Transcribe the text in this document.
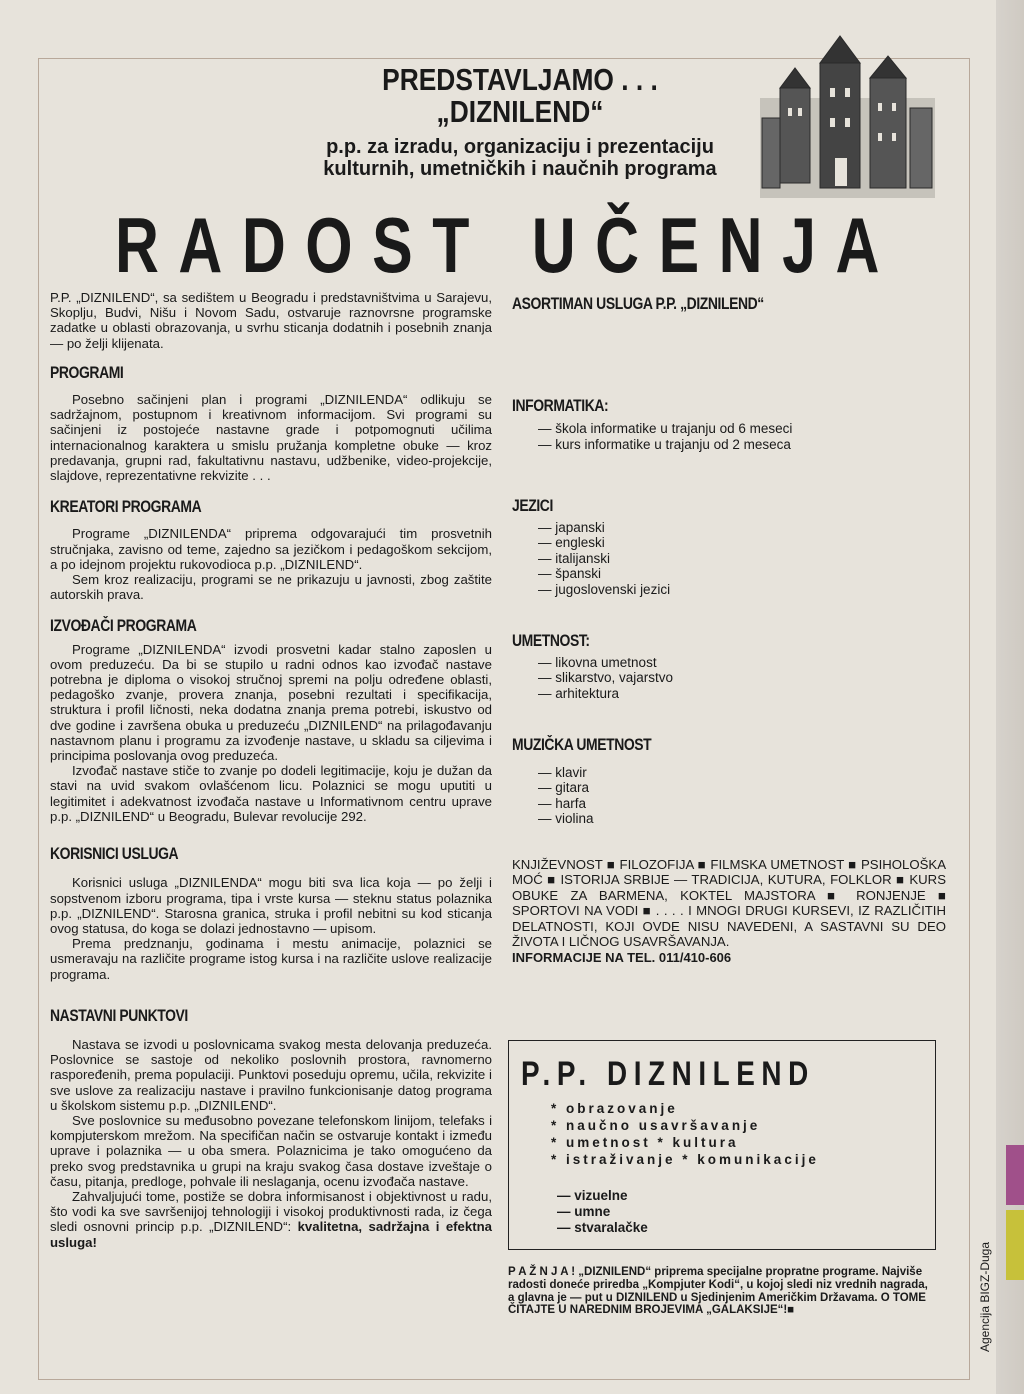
PREDSTAVLJAMO . . .
„DIZNILEND“
p.p. za izradu, organizaciju i prezentaciju
kulturnih, umetničkih i naučnih programa
R A D O S T U Č E N J A

P.P. „DIZNILEND“, sa sedištem u Beogradu i predstavništvima u Sarajevu, Skoplju, Budvi, Nišu i Novom Sadu, ostvaruje raznovrsne programske zadatke u oblasti obrazovanja, u svrhu sticanja dodatnih i posebnih znanja — po želji klijenata.

PROGRAMI

Posebno sačinjeni plan i programi „DIZNILENDA“ odlikuju se sadržajnom, postupnom i kreativnom informacijom. Svi programi su sačinjeni iz postojeće nastavne grade i potpomognuti učilima internacionalnog karaktera u smislu pružanja kompletne obuke — kroz predavanja, grupni rad, fakultativnu nastavu, udžbenike, video-projekcije, slajdove, reprezentativne rekvizite . . .

KREATORI PROGRAMA

Programe „DIZNILENDA“ priprema odgovarajući tim prosvetnih stručnjaka, zavisno od teme, zajedno sa jezičkom i pedagoškom sekcijom, a po idejnom projektu rukovodioca p.p. „DIZNILEND“.

Sem kroz realizaciju, programi se ne prikazuju u javnosti, zbog zaštite autorskih prava.

IZVOĐAČI PROGRAMA

Programe „DIZNILENDA“ izvodi prosvetni kadar stalno zaposlen u ovom preduzeću. Da bi se stupilo u radni odnos kao izvođač nastave potrebna je diploma o visokoj stručnoj spremi na polju određene oblasti, pedagoško zvanje, provera znanja, posebni rezultati i specifikacija, struktura i profil ličnosti, neka dodatna znanja prema potrebi, iskustvo od dve godine i završena obuka u preduzeću „DIZNILEND“ na prilagođavanju nastavnom planu i programu za izvođenje nastave, u skladu sa ciljevima i principima poslovanja ovog preduzeća.

Izvođač nastave stiče to zvanje po dodeli legitimacije, koju je dužan da stavi na uvid svakom ovlašćenom licu. Polaznici se mogu uputiti u legitimitet i adekvatnost izvođača nastave u Informativnom centru uprave p.p. „DIZNILEND“ u Beogradu, Bulevar revolucije 292.

KORISNICI USLUGA

Korisnici usluga „DIZNILENDA“ mogu biti sva lica koja — po želji i sopstvenom izboru programa, tipa i vrste kursa — steknu status polaznika p.p. „DIZNILEND“. Starosna granica, struka i profil nebitni su kod sticanja ovog statusa, do koga se dolazi jednostavno — upisom.

Prema predznanju, godinama i mestu animacije, polaznici se usmeravaju na različite programe istog kursa i na različite uslove realizacije programa.

NASTAVNI PUNKTOVI

Nastava se izvodi u poslovnicama svakog mesta delovanja preduzeća. Poslovnice se sastoje od nekoliko poslovnih prostora, ravnomerno raspoređenih, prema populaciji. Punktovi poseduju opremu, učila, rekvizite i sve uslove za realizaciju nastave i pravilno funkcionisanje datog programa u školskom sistemu p.p. „DIZNILEND“.

Sve poslovnice su međusobno povezane telefonskom linijom, telefaks i kompjuterskom mrežom. Na specifičan način se ostvaruje kontakt i između uprave i polaznika — u oba smera. Polaznicima je tako omogućeno da preko svog predstavnika u grupi na kraju svakog časa dostave izveštaje o času, pitanja, predloge, pohvale ili neslaganja, ocenu izvođača nastave.

Zahvaljujući tome, postiže se dobra informisanost i objektivnost u radu, što vodi ka sve savršenijoj tehnologiji i visokoj produktivnosti rada, iz čega sledi osnovni princip p.p. „DIZNILEND“: kvalitetna, sadržajna i efektna usluga!

ASORTIMAN USLUGA P.P. „DIZNILEND“
INFORMATIKA:
— škola informatike u trajanju od 6 meseci
— kurs informatike u trajanju od 2 meseca
JEZICI
— japanski
— engleski
— italijanski
— španski
— jugoslovenski jezici
UMETNOST:
— likovna umetnost
— slikarstvo, vajarstvo
— arhitektura
MUZIČKA UMETNOST
— klavir
— gitara
— harfa
— violina

KNJIŽEVNOST ■ FILOZOFIJA ■ FILMSKA UMETNOST ■ PSIHOLOŠKA MOĆ ■ ISTORIJA SRBIJE — TRADICIJA, KUTURA, FOLKLOR ■ KURS OBUKE ZA BARMENA, KOKTEL MAJSTORA ■ RONJENJE ■ SPORTOVI NA VODI ■ . . . . I MNOGI DRUGI KURSEVI, IZ RAZLIČITIH DELATNOSTI, KOJI OVDE NISU NAVEDENI, A SASTAVNI SU DEO ŽIVOTA I LIČNOG USAVRŠAVANJA.

INFORMACIJE NA TEL. 011/410-606

P.P. DIZNILEND
* obrazovanje
* naučno usavršavanje
* umetnost * kultura
* istraživanje * komunikacije
— vizuelne
— umne
— stvaralačke

P A Ž N J A ! „DIZNILEND“ priprema specijalne propratne programe. Najviše radosti doneće priredba „Kompjuter Kodi“, u kojoj sledi niz vrednih nagrada, a glavna je — put u DIZNILEND u Sjedinjenim Američkim Državama. O TOME ČITAJTE U NAREDNIM BROJEVIMA „GALAKSIJE“!■	Agencija BIGZ-Duga
